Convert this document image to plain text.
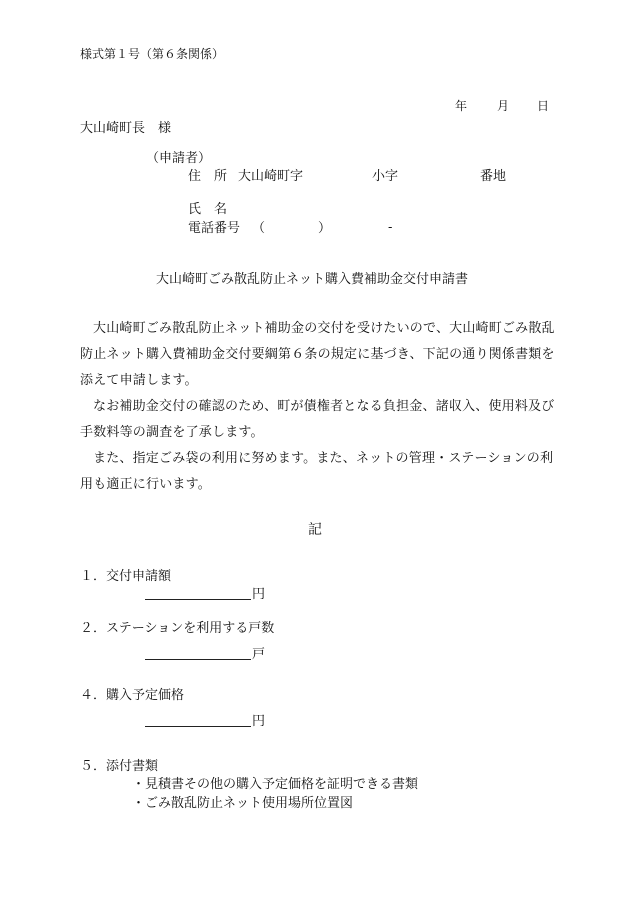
様式第１号（第６条関係）
年 月 日
大山崎町長　様
（申請者）
住　所 大山崎町字	小字	番地
氏　名
電話番号 （	）	-
大山崎町ごみ散乱防止ネット購入費補助金交付申請書

大山崎町ごみ散乱防止ネット補助金の交付を受けたいので、大山崎町ごみ散乱防止ネット購入費補助金交付要綱第６条の規定に基づき、下記の通り関係書類を添えて申請します。

なお補助金交付の確認のため、町が債権者となる負担金、諸収入、使用料及び手数料等の調査を了承します。

また、指定ごみ袋の利用に努めます。また、ネットの管理・ステーションの利用も適正に行います。

記
１．交付申請額
円
２．ステーションを利用する戸数
戸
４．購入予定価格
円
５．添付書類
・見積書その他の購入予定価格を証明できる書類
・ごみ散乱防止ネット使用場所位置図
